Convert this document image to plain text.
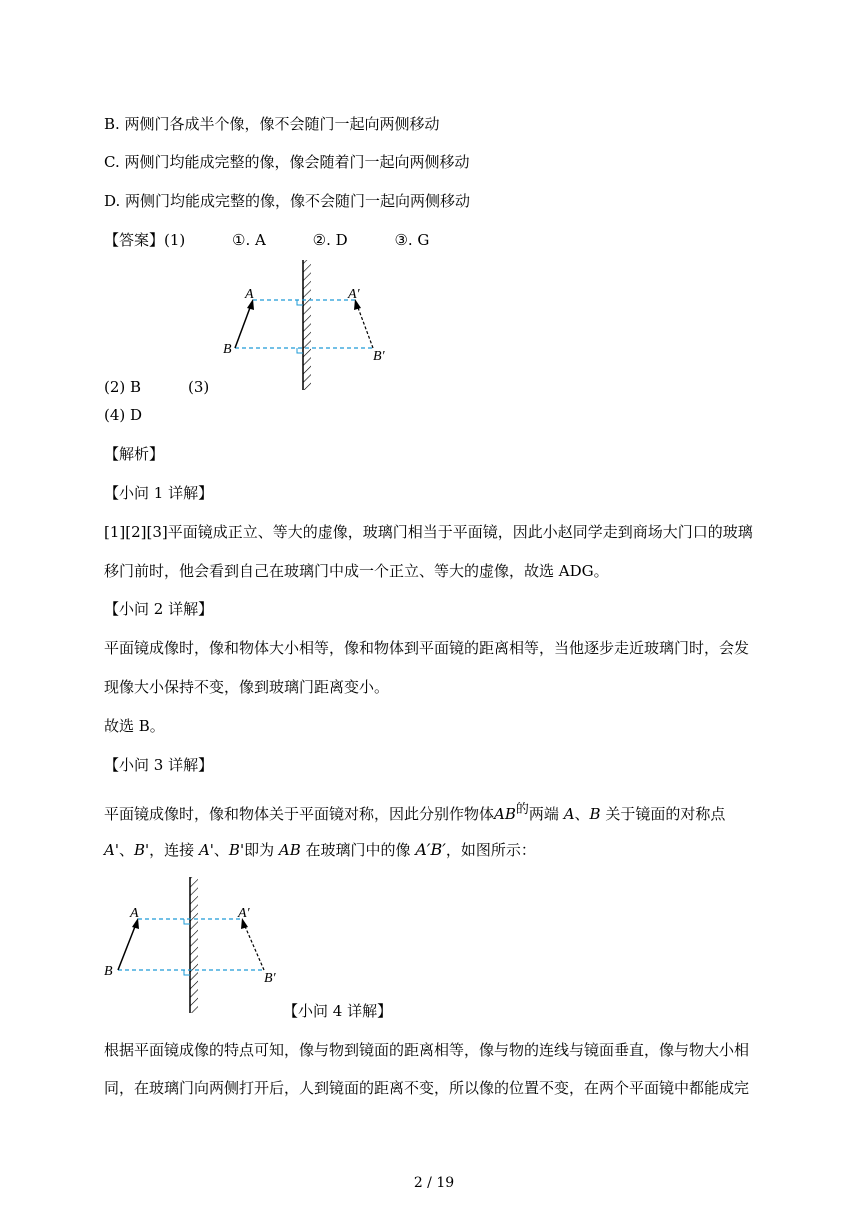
B. 两侧门各成半个像，像不会随门一起向两侧移动
C. 两侧门均能成完整的像，像会随着门一起向两侧移动
D. 两侧门均能成完整的像，像不会随门一起向两侧移动
【答案】(1)	①. A	②. D	③. G
A
B
A′
B′
(2) B	(3)
(4) D
【解析】
【小问 1 详解】
[1][2][3]平面镜成正立、等大的虚像，玻璃门相当于平面镜，因此小赵同学走到商场大门口的玻璃
移门前时，他会看到自己在玻璃门中成一个正立、等大的虚像，故选 ADG。
【小问 2 详解】
平面镜成像时，像和物体大小相等，像和物体到平面镜的距离相等，当他逐步走近玻璃门时，会发
现像大小保持不变，像到玻璃门距离变小。
故选 B。
【小问 3 详解】
平面镜成像时，像和物体关于平面镜对称，因此分别作物体$AB^的$两端 A、B 关于镜面的对称点
A'、B'，连接 A'、B'即为 AB 在玻璃门中的像 A′B′，如图所示：
A
B
A′
B′
【小问 4 详解】
根据平面镜成像的特点可知，像与物到镜面的距离相等，像与物的连线与镜面垂直，像与物大小相
同，在玻璃门向两侧打开后，人到镜面的距离不变，所以像的位置不变，在两个平面镜中都能成完
2 / 19
